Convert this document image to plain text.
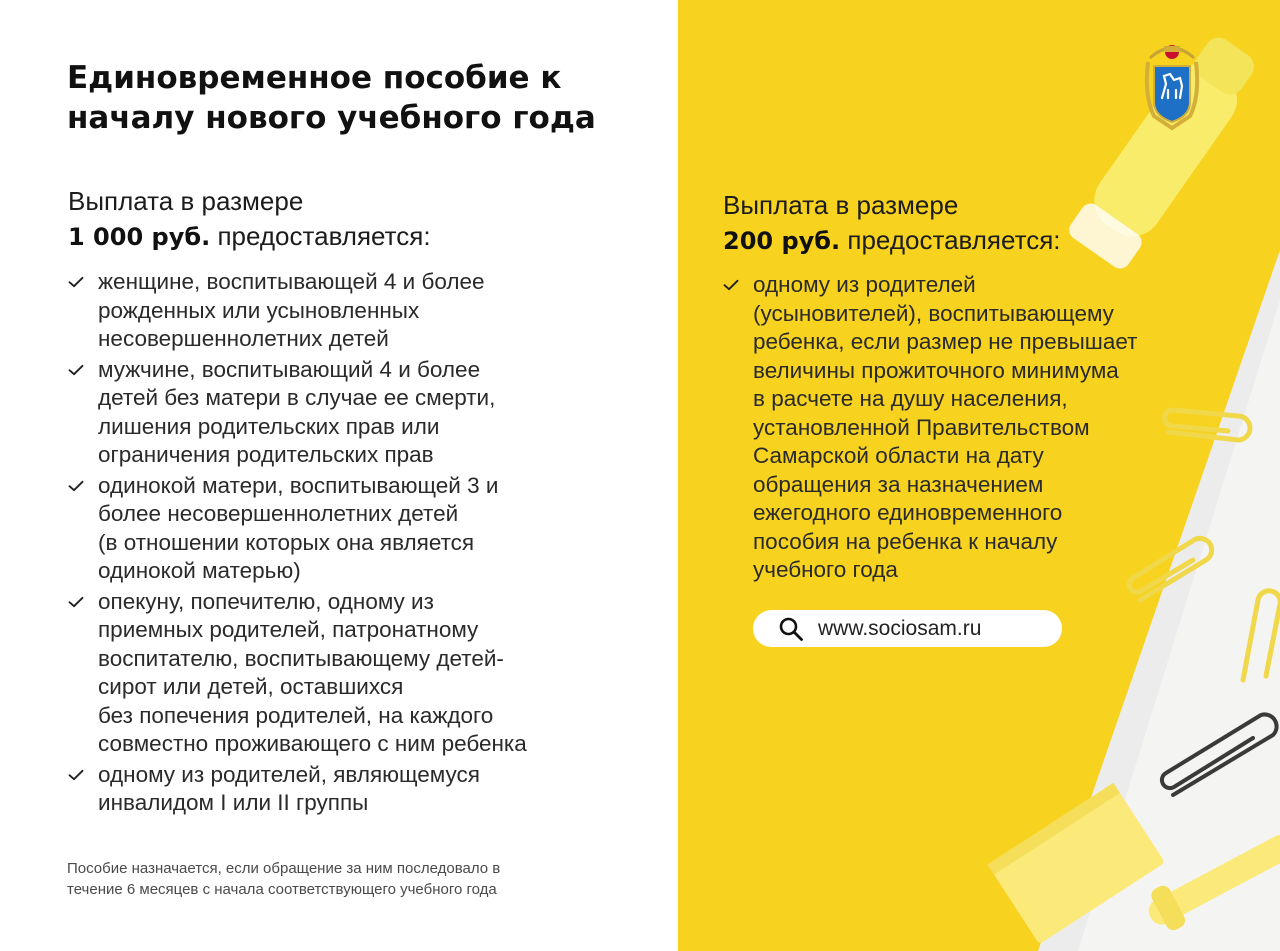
Единовременное пособие к
началу нового учебного года
Выплата в размере
1 000 руб. предоставляется:
женщине, воспитывающей 4 и более
рожденных или усыновленных
несовершеннолетних детей
мужчине, воспитывающий 4 и более
детей без матери в случае ее смерти,
лишения родительских прав или
ограничения родительских прав
одинокой матери, воспитывающей 3 и
более несовершеннолетних детей
(в отношении которых она является
одинокой матерью)
опекуну, попечителю, одному из
приемных родителей, патронатному
воспитателю, воспитывающему детей-
сирот или детей, оставшихся
без попечения родителей, на каждого
совместно проживающего с ним ребенка
одному из родителей, являющемуся
инвалидом I или II группы
Пособие назначается, если обращение за ним последовало в
течение 6 месяцев с начала соответствующего учебного года
Выплата в размере
200 руб. предоставляется:
одному из родителей
(усыновителей), воспитывающему
ребенка, если размер не превышает
величины прожиточного минимума
в расчете на душу населения,
установленной Правительством
Самарской области на дату
обращения за назначением
ежегодного единовременного
пособия на ребенка к началу
учебного года
www.sociosam.ru
